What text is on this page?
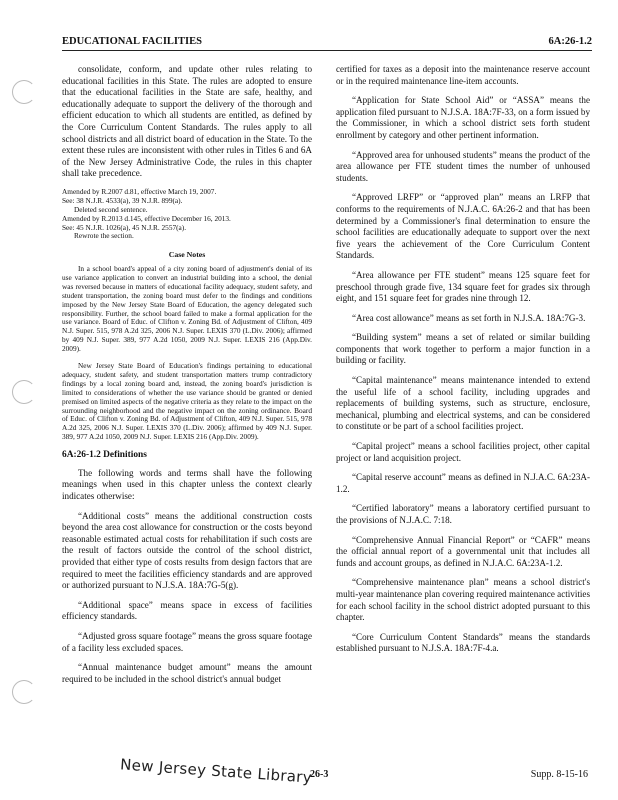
EDUCATIONAL FACILITIES	6A:26-1.2

consolidate, conform, and update other rules relating to educational facilities in this State. The rules are adopted to ensure that the educational facilities in the State are safe, healthy, and educationally adequate to support the delivery of the thorough and efficient education to which all students are entitled, as defined by the Core Curriculum Content Standards. The rules apply to all school districts and all district board of education in the State. To the extent these rules are inconsistent with other rules in Titles 6 and 6A of the New Jersey Administrative Code, the rules in this chapter shall take precedence.

Amended by R.2007 d.81, effective March 19, 2007.
See: 38 N.J.R. 4533(a), 39 N.J.R. 899(a).
Deleted second sentence.
Amended by R.2013 d.145, effective December 16, 2013.
See: 45 N.J.R. 1026(a), 45 N.J.R. 2557(a).
Rewrote the section.
Case Notes

In a school board's appeal of a city zoning board of adjustment's denial of its use variance application to convert an industrial building into a school, the denial was reversed because in matters of educational facility adequacy, student safety, and student transportation, the zoning board must defer to the findings and conditions imposed by the New Jersey State Board of Education, the agency delegated such responsibility. Further, the school board failed to make a formal application for the use variance. Board of Educ. of Clifton v. Zoning Bd. of Adjustment of Clifton, 409 N.J. Super. 515, 978 A.2d 325, 2006 N.J. Super. LEXIS 370 (L.Div. 2006); affirmed by 409 N.J. Super. 389, 977 A.2d 1050, 2009 N.J. Super. LEXIS 216 (App.Div. 2009).

New Jersey State Board of Education's findings pertaining to educational adequacy, student safety, and student transportation matters trump contradictory findings by a local zoning board and, instead, the zoning board's jurisdiction is limited to considerations of whether the use variance should be granted or denied premised on limited aspects of the negative criteria as they relate to the impact on the surrounding neighborhood and the negative impact on the zoning ordinance. Board of Educ. of Clifton v. Zoning Bd. of Adjustment of Clifton, 409 N.J. Super. 515, 978 A.2d 325, 2006 N.J. Super. LEXIS 370 (L.Div. 2006); affirmed by 409 N.J. Super. 389, 977 A.2d 1050, 2009 N.J. Super. LEXIS 216 (App.Div. 2009).

6A:26-1.2 Definitions

The following words and terms shall have the following meanings when used in this chapter unless the context clearly indicates otherwise:

“Additional costs” means the additional construction costs beyond the area cost allowance for construction or the costs beyond reasonable estimated actual costs for rehabilitation if such costs are the result of factors outside the control of the school district, provided that either type of costs results from design factors that are required to meet the facilities efficiency standards and are approved or authorized pursuant to N.J.S.A. 18A:7G-5(g).

“Additional space” means space in excess of facilities efficiency standards.

“Adjusted gross square footage” means the gross square footage of a facility less excluded spaces.

“Annual maintenance budget amount” means the amount required to be included in the school district's annual budget

certified for taxes as a deposit into the maintenance reserve account or in the required maintenance line-item accounts.

“Application for State School Aid” or “ASSA” means the application filed pursuant to N.J.S.A. 18A:7F-33, on a form issued by the Commissioner, in which a school district sets forth student enrollment by category and other pertinent information.

“Approved area for unhoused students” means the product of the area allowance per FTE student times the number of unhoused students.

“Approved LRFP” or “approved plan” means an LRFP that conforms to the requirements of N.J.A.C. 6A:26-2 and that has been determined by a Commissioner's final determination to ensure the school facilities are educationally adequate to support over the next five years the achievement of the Core Curriculum Content Standards.

“Area allowance per FTE student” means 125 square feet for preschool through grade five, 134 square feet for grades six through eight, and 151 square feet for grades nine through 12.

“Area cost allowance” means as set forth in N.J.S.A. 18A:7G-3.

“Building system” means a set of related or similar building components that work together to perform a major function in a building or facility.

“Capital maintenance” means maintenance intended to extend the useful life of a school facility, including upgrades and replacements of building systems, such as structure, enclosure, mechanical, plumbing and electrical systems, and can be considered to constitute or be part of a school facilities project.

“Capital project” means a school facilities project, other capital project or land acquisition project.

“Capital reserve account” means as defined in N.J.A.C. 6A:23A-1.2.

“Certified laboratory” means a laboratory certified pursuant to the provisions of N.J.A.C. 7:18.

“Comprehensive Annual Financial Report” or “CAFR” means the official annual report of a governmental unit that includes all funds and account groups, as defined in N.J.A.C. 6A:23A-1.2.

“Comprehensive maintenance plan” means a school district's multi-year maintenance plan covering required maintenance activities for each school facility in the school district adopted pursuant to this chapter.

“Core Curriculum Content Standards” means the standards established pursuant to N.J.S.A. 18A:7F-4.a.

New Jersey State Library
26-3	Supp. 8-15-16
